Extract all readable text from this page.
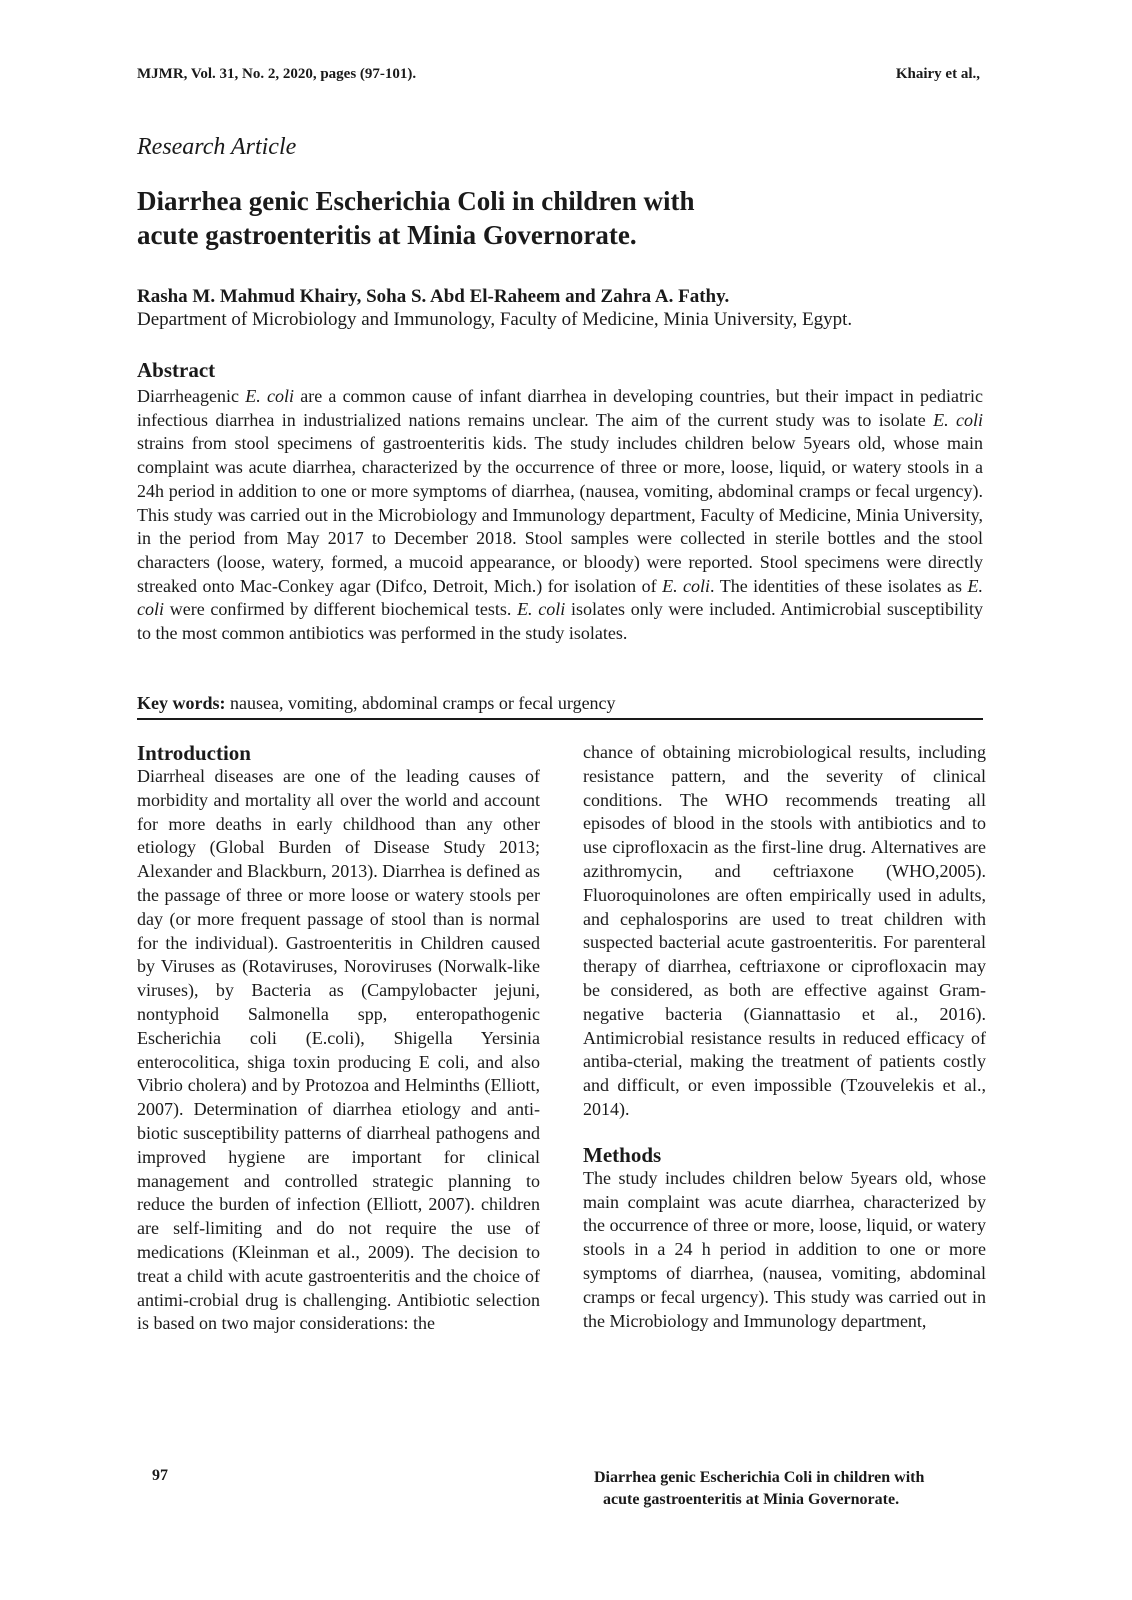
MJMR, Vol. 31, No. 2, 2020, pages (97-101).	Khairy et al.,
Research Article
Diarrhea genic Escherichia Coli in children with
acute gastroenteritis at Minia Governorate.
Rasha M. Mahmud Khairy, Soha S. Abd El-Raheem and Zahra A. Fathy.
Department of Microbiology and Immunology, Faculty of Medicine, Minia University, Egypt.
Abstract
Diarrheagenic E. coli are a common cause of infant diarrhea in developing countries, but their impact in pediatric infectious diarrhea in industrialized nations remains unclear. The aim of the current study was to isolate E. coli strains from stool specimens of gastroenteritis kids. The study includes children below 5years old, whose main complaint was acute diarrhea, characterized by the occurrence of three or more, loose, liquid, or watery stools in a 24h period in addition to one or more symptoms of diarrhea, (nausea, vomiting, abdominal cramps or fecal urgency). This study was carried out in the Microbiology and Immunology department, Faculty of Medicine, Minia University, in the period from May 2017 to December 2018. Stool samples were collected in sterile bottles and the stool characters (loose, watery, formed, a mucoid appearance, or bloody) were reported. Stool specimens were directly streaked onto Mac-Conkey agar (Difco, Detroit, Mich.) for isolation of E. coli. The identities of these isolates as E. coli were confirmed by different biochemical tests. E. coli isolates only were included. Antimicrobial susceptibility to the most common antibiotics was performed in the study isolates.
Key words: nausea, vomiting, abdominal cramps or fecal urgency
Introduction

Diarrheal diseases are one of the leading causes of morbidity and mortality all over the world and account for more deaths in early childhood than any other etiology (Global Burden of Disease Study 2013; Alexander and Blackburn, 2013). Diarrhea is defined as the passage of three or more loose or watery stools per day (or more frequent passage of stool than is normal for the individual). Gastroenteritis in Children caused by Viruses as (Rotaviruses, Noroviruses (Norwalk-like viruses), by Bacteria as (Campylobacter jejuni, nontyphoid Salmonella spp, enteropathogenic Escherichia coli (E.coli), Shigella Yersinia enterocolitica, shiga toxin producing E coli, and also Vibrio cholera) and by Protozoa and Helminths (Elliott, 2007). Determination of diarrhea etiology and anti-biotic susceptibility patterns of diarrheal pathogens and improved hygiene are important for clinical management and controlled strategic planning to reduce the burden of infection (Elliott, 2007). children are self-limiting and do not require the use of medications (Kleinman et al., 2009). The decision to treat a child with acute gastroenteritis and the choice of antimi-crobial drug is challenging. Antibiotic selection is based on two major considerations: the

chance of obtaining microbiological results, including resistance pattern, and the severity of clinical conditions. The WHO recommends treating all episodes of blood in the stools with antibiotics and to use ciprofloxacin as the first-line drug. Alternatives are azithromycin, and ceftriaxone (WHO,2005). Fluoroquinolones are often empirically used in adults, and cephalosporins are used to treat children with suspected bacterial acute gastroenteritis. For parenteral therapy of diarrhea, ceftriaxone or ciprofloxacin may be considered, as both are effective against Gram-negative bacteria (Giannattasio et al., 2016). Antimicrobial resistance results in reduced efficacy of antiba-cterial, making the treatment of patients costly and difficult, or even impossible (Tzouvelekis et al., 2014).

Methods

The study includes children below 5years old, whose main complaint was acute diarrhea, characterized by the occurrence of three or more, loose, liquid, or watery stools in a 24 h period in addition to one or more symptoms of diarrhea, (nausea, vomiting, abdominal cramps or fecal urgency). This study was carried out in the Microbiology and Immunology department,

97	Diarrhea genic Escherichia Coli in children with
acute gastroenteritis at Minia Governorate.
